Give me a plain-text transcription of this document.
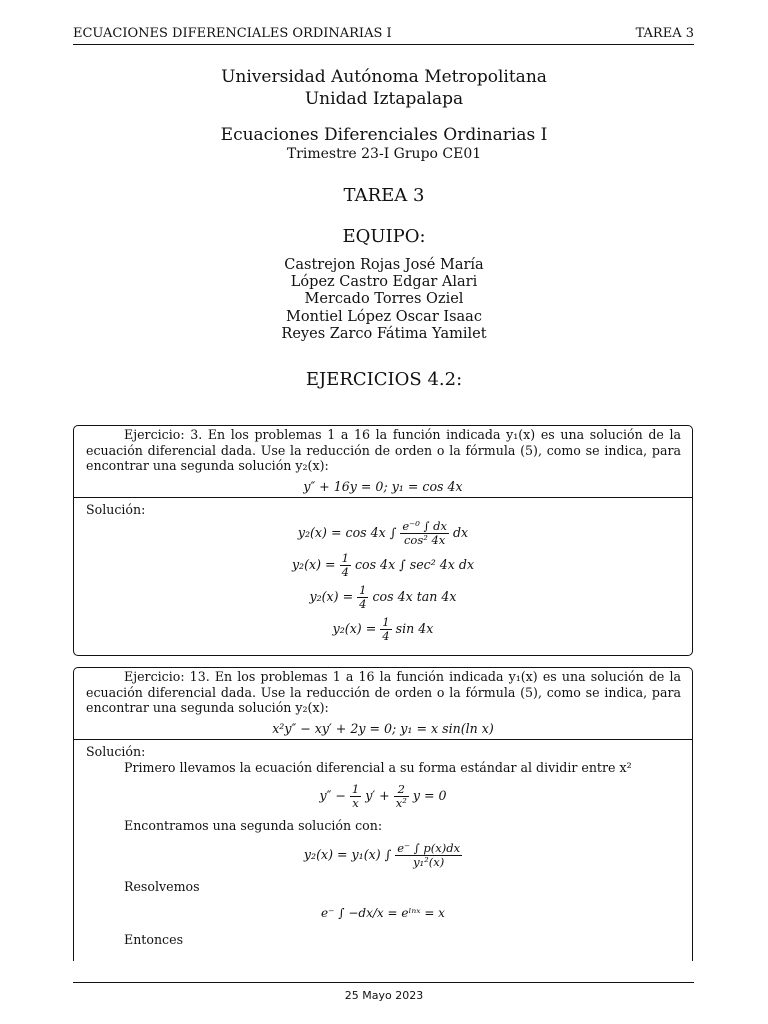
ECUACIONES DIFERENCIALES ORDINARIAS I	TAREA 3
Universidad Autónoma Metropolitana
Unidad Iztapalapa
Ecuaciones Diferenciales Ordinarias I
Trimestre 23-I Grupo CE01
TAREA 3
EQUIPO:
Castrejon Rojas José María
López Castro Edgar Alari
Mercado Torres Oziel
Montiel López Oscar Isaac
Reyes Zarco Fátima Yamilet
EJERCICIOS 4.2:
Ejercicio: 3. En los problemas 1 a 16 la función indicada y₁(x) es una solución de la ecuación diferencial dada. Use la reducción de orden o la fórmula (5), como se indica, para encontrar una segunda solución y₂(x):
y″ + 16y = 0; y₁ = cos 4x
Solución:
y₂(x) = cos 4x ∫ $\frac{\text{e⁻⁰ ∫ dx}}{\text{cos² 4x}}$ dx
$y_2(x) = \frac{1}{4}$ cos 4x ∫ sec² 4x dx
$y_2(x) = \frac{1}{4}$ cos 4x tan 4x
$y_2(x) = \frac{1}{4}$ sin 4x
Ejercicio: 13. En los problemas 1 a 16 la función indicada y₁(x) es una solución de la ecuación diferencial dada. Use la reducción de orden o la fórmula (5), como se indica, para encontrar una segunda solución y₂(x):
x²y″ − xy′ + 2y = 0; y₁ = x sin(ln x)
Solución:
Primero llevamos la ecuación diferencial a su forma estándar al dividir entre x²
$y'' - \frac{1}{x} y' + \frac{2}{\text{x²}}$ y = 0
Encontramos una segunda solución con:
y₂(x) = y₁(x) ∫ $\frac{e^- \int p(x)dx}{\text{y₁²(x)}}$
Resolvemos
e⁻ ∫ −dx/x = eˡⁿˣ = x
Entonces
25 Mayo 2023
